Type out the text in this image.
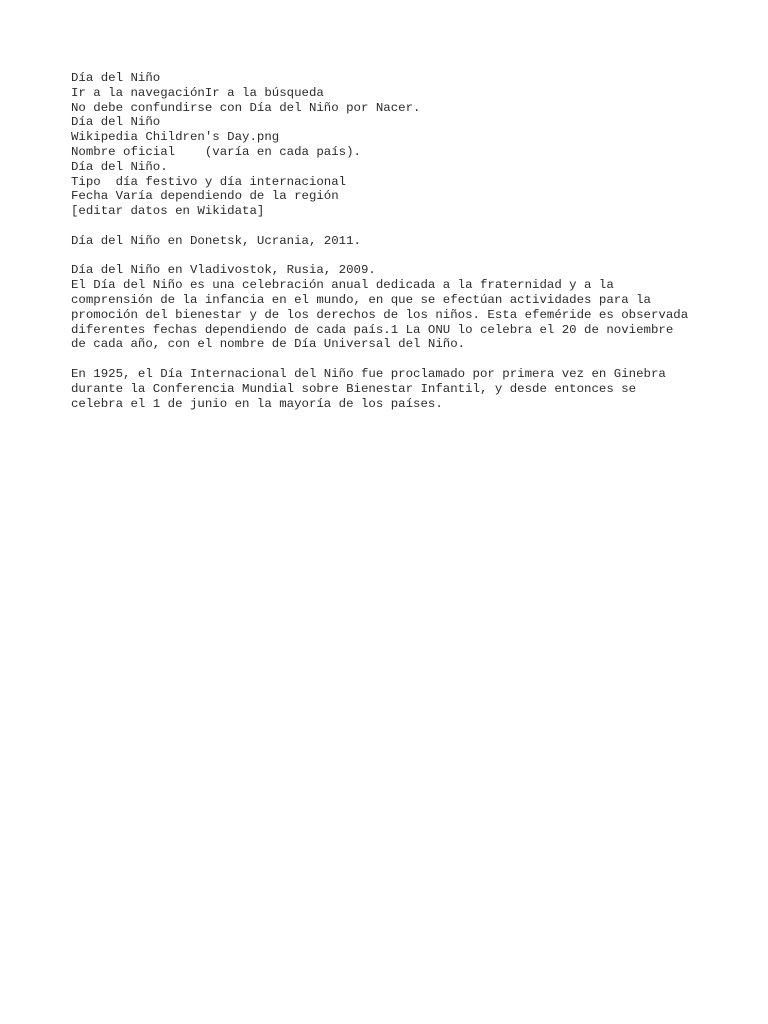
Día del Niño

Ir a la navegaciónIr a la búsqueda

No debe confundirse con Día del Niño por Nacer.

Día del Niño

Wikipedia Children's Day.png

Nombre oficial    (varía en cada país).

Día del Niño.

Tipo  día festivo y día internacional

Fecha Varía dependiendo de la región

[editar datos en Wikidata]

Día del Niño en Donetsk, Ucrania, 2011.

Día del Niño en Vladivostok, Rusia, 2009.

El Día del Niño es una celebración anual dedicada a la fraternidad y a la

comprensión de la infancia en el mundo, en que se efectúan actividades para la

promoción del bienestar y de los derechos de los niños. Esta efeméride es observada

diferentes fechas dependiendo de cada país.1 La ONU lo celebra el 20 de noviembre

de cada año, con el nombre de Día Universal del Niño.

En 1925, el Día Internacional del Niño fue proclamado por primera vez en Ginebra

durante la Conferencia Mundial sobre Bienestar Infantil, y desde entonces se

celebra el 1 de junio en la mayoría de los países.
